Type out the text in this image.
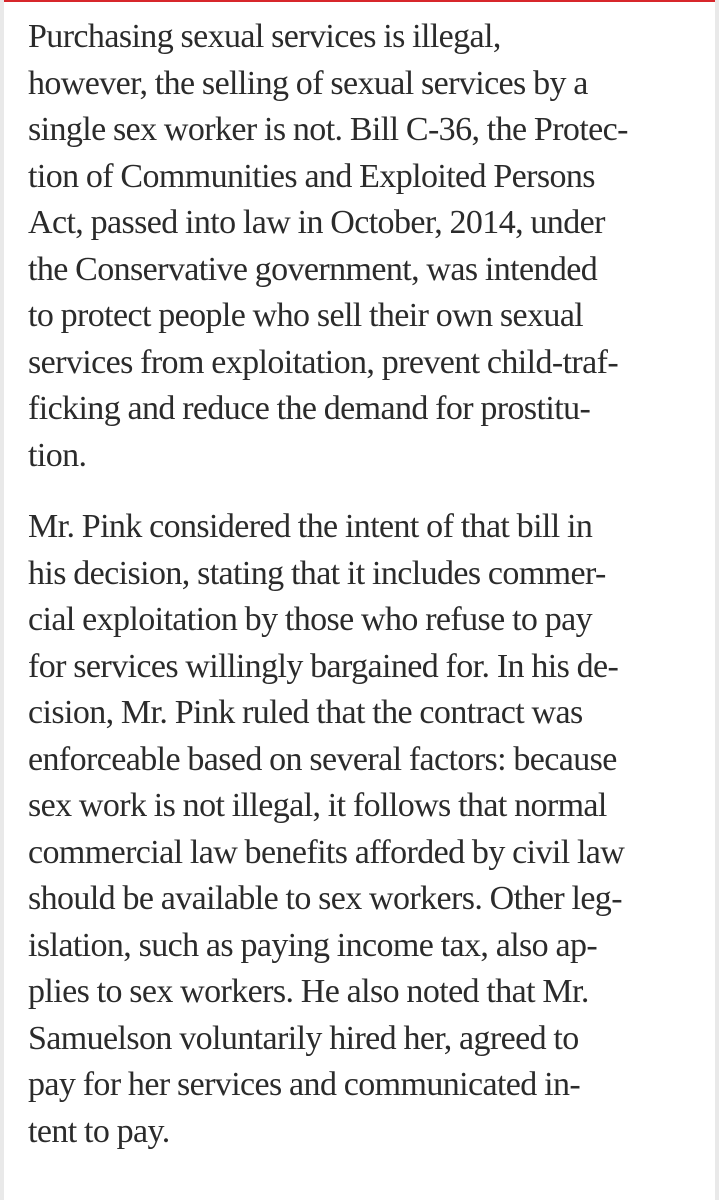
Purchasing sexual services is illegal,
however, the selling of sexual services by a
single sex worker is not. Bill C-36, the Protec-
tion of Communities and Exploited Persons
Act, passed into law in October, 2014, under
the Conservative government, was intended
to protect people who sell their own sexual
services from exploitation, prevent child-traf-
ficking and reduce the demand for prostitu-
tion.

Mr. Pink considered the intent of that bill in
his decision, stating that it includes commer-
cial exploitation by those who refuse to pay
for services willingly bargained for. In his de-
cision, Mr. Pink ruled that the contract was
enforceable based on several factors: because
sex work is not illegal, it follows that normal
commercial law benefits afforded by civil law
should be available to sex workers. Other leg-
islation, such as paying income tax, also ap-
plies to sex workers. He also noted that Mr.
Samuelson voluntarily hired her, agreed to
pay for her services and communicated in-
tent to pay.
